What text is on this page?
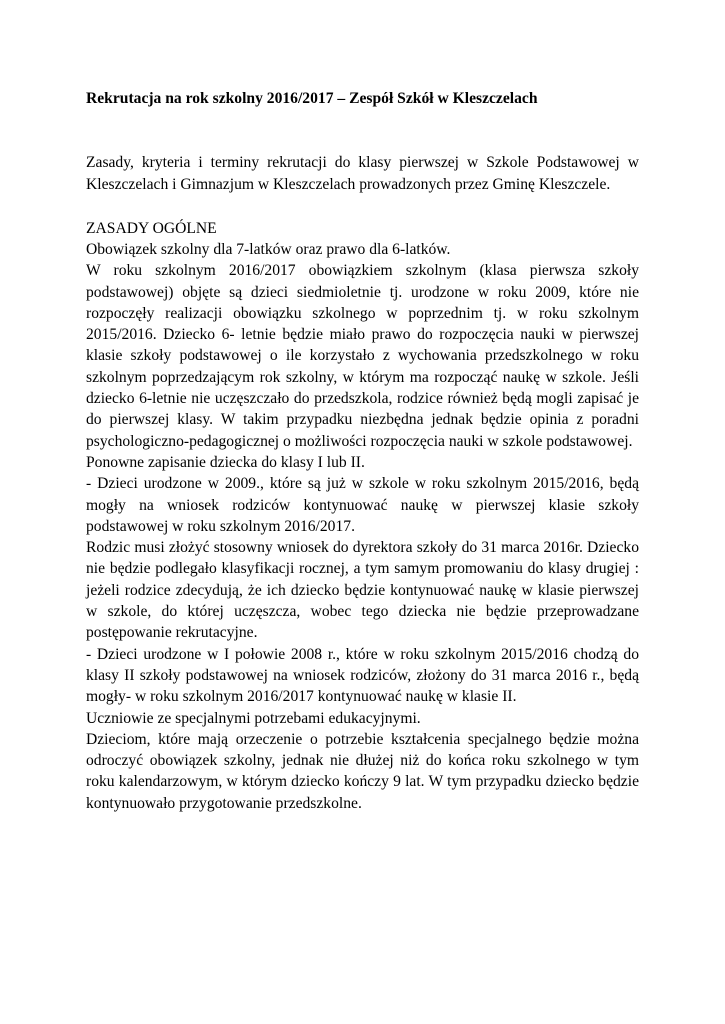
Rekrutacja na rok szkolny 2016/2017 – Zespół Szkół w Kleszczelach

Zasady, kryteria i terminy rekrutacji do klasy pierwszej w Szkole Podstawowej w Kleszczelach i Gimnazjum w Kleszczelach prowadzonych przez Gminę Kleszczele.

ZASADY OGÓLNE

Obowiązek szkolny dla 7-latków oraz prawo dla 6-latków.

W roku szkolnym 2016/2017 obowiązkiem szkolnym (klasa pierwsza szkoły podstawowej) objęte są dzieci siedmioletnie tj. urodzone w roku 2009, które nie rozpoczęły realizacji obowiązku szkolnego w poprzednim tj. w roku szkolnym 2015/2016. Dziecko 6- letnie będzie miało prawo do rozpoczęcia nauki w pierwszej klasie szkoły podstawowej o ile korzystało z wychowania przedszkolnego w roku szkolnym poprzedzającym rok szkolny, w którym ma rozpocząć naukę w szkole. Jeśli dziecko 6-letnie nie uczęszczało do przedszkola, rodzice również będą mogli zapisać je do pierwszej klasy. W takim przypadku niezbędna jednak będzie opinia z poradni psychologiczno-pedagogicznej o możliwości rozpoczęcia nauki w szkole podstawowej.

Ponowne zapisanie dziecka do klasy I lub II.

- Dzieci urodzone w 2009., które są już w szkole w roku szkolnym 2015/2016, będą mogły na wniosek rodziców kontynuować naukę w pierwszej klasie szkoły podstawowej w roku szkolnym 2016/2017.

Rodzic musi złożyć stosowny wniosek do dyrektora szkoły do 31 marca 2016r. Dziecko nie będzie podlegało klasyfikacji rocznej, a tym samym promowaniu do klasy drugiej : jeżeli rodzice zdecydują, że ich dziecko będzie kontynuować naukę w klasie pierwszej w szkole, do której uczęszcza, wobec tego dziecka nie będzie przeprowadzane postępowanie rekrutacyjne.

- Dzieci urodzone w I połowie 2008 r., które w roku szkolnym 2015/2016 chodzą do klasy II szkoły podstawowej na wniosek rodziców, złożony do 31 marca 2016 r., będą mogły- w roku szkolnym 2016/2017 kontynuować naukę w klasie II.

Uczniowie ze specjalnymi potrzebami edukacyjnymi.

Dzieciom, które mają orzeczenie o potrzebie kształcenia specjalnego będzie można odroczyć obowiązek szkolny, jednak nie dłużej niż do końca roku szkolnego w tym roku kalendarzowym, w którym dziecko kończy 9 lat. W tym przypadku dziecko będzie kontynuowało przygotowanie przedszkolne.
